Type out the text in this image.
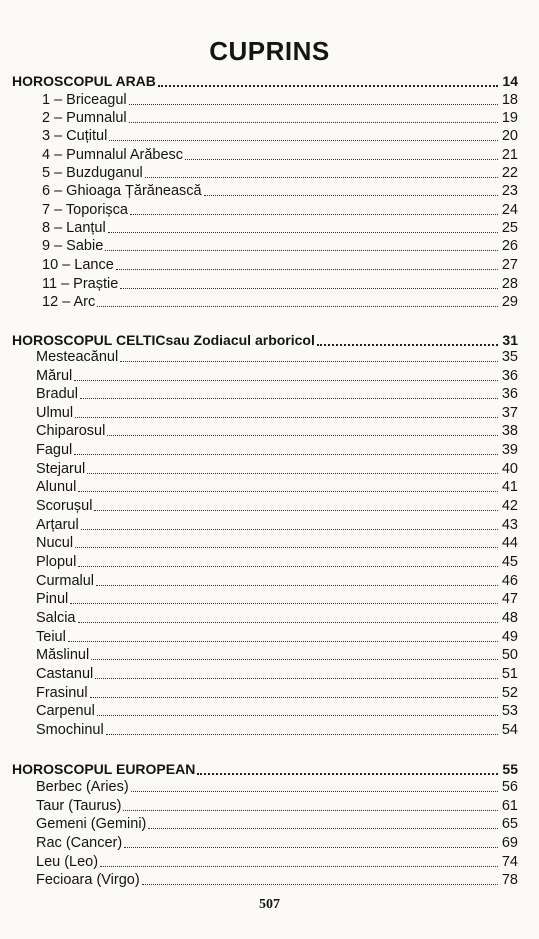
CUPRINS
HOROSCOPUL ARAB	14
1 – Briceagul	18
2 – Pumnalul	19
3 – Cuțitul	20
4 – Pumnalul Arăbesc	21
5 – Buzduganul	22
6 – Ghioaga Țărănească	23
7 – Toporișca	24
8 – Lanțul	25
9 – Sabie	26
10 – Lance	27
11 – Praștie	28
12 – Arc	29
HOROSCOPUL CELTIC sau Zodiacul arboricol	31
Mesteacănul	35
Mărul	36
Bradul	36
Ulmul	37
Chiparosul	38
Fagul	39
Stejarul	40
Alunul	41
Scorușul	42
Arțarul	43
Nucul	44
Plopul	45
Curmalul	46
Pinul	47
Salcia	48
Teiul	49
Măslinul	50
Castanul	51
Frasinul	52
Carpenul	53
Smochinul	54
HOROSCOPUL EUROPEAN	55
Berbec (Aries)	56
Taur (Taurus)	61
Gemeni (Gemini)	65
Rac (Cancer)	69
Leu (Leo)	74
Fecioara (Virgo)	78
507
